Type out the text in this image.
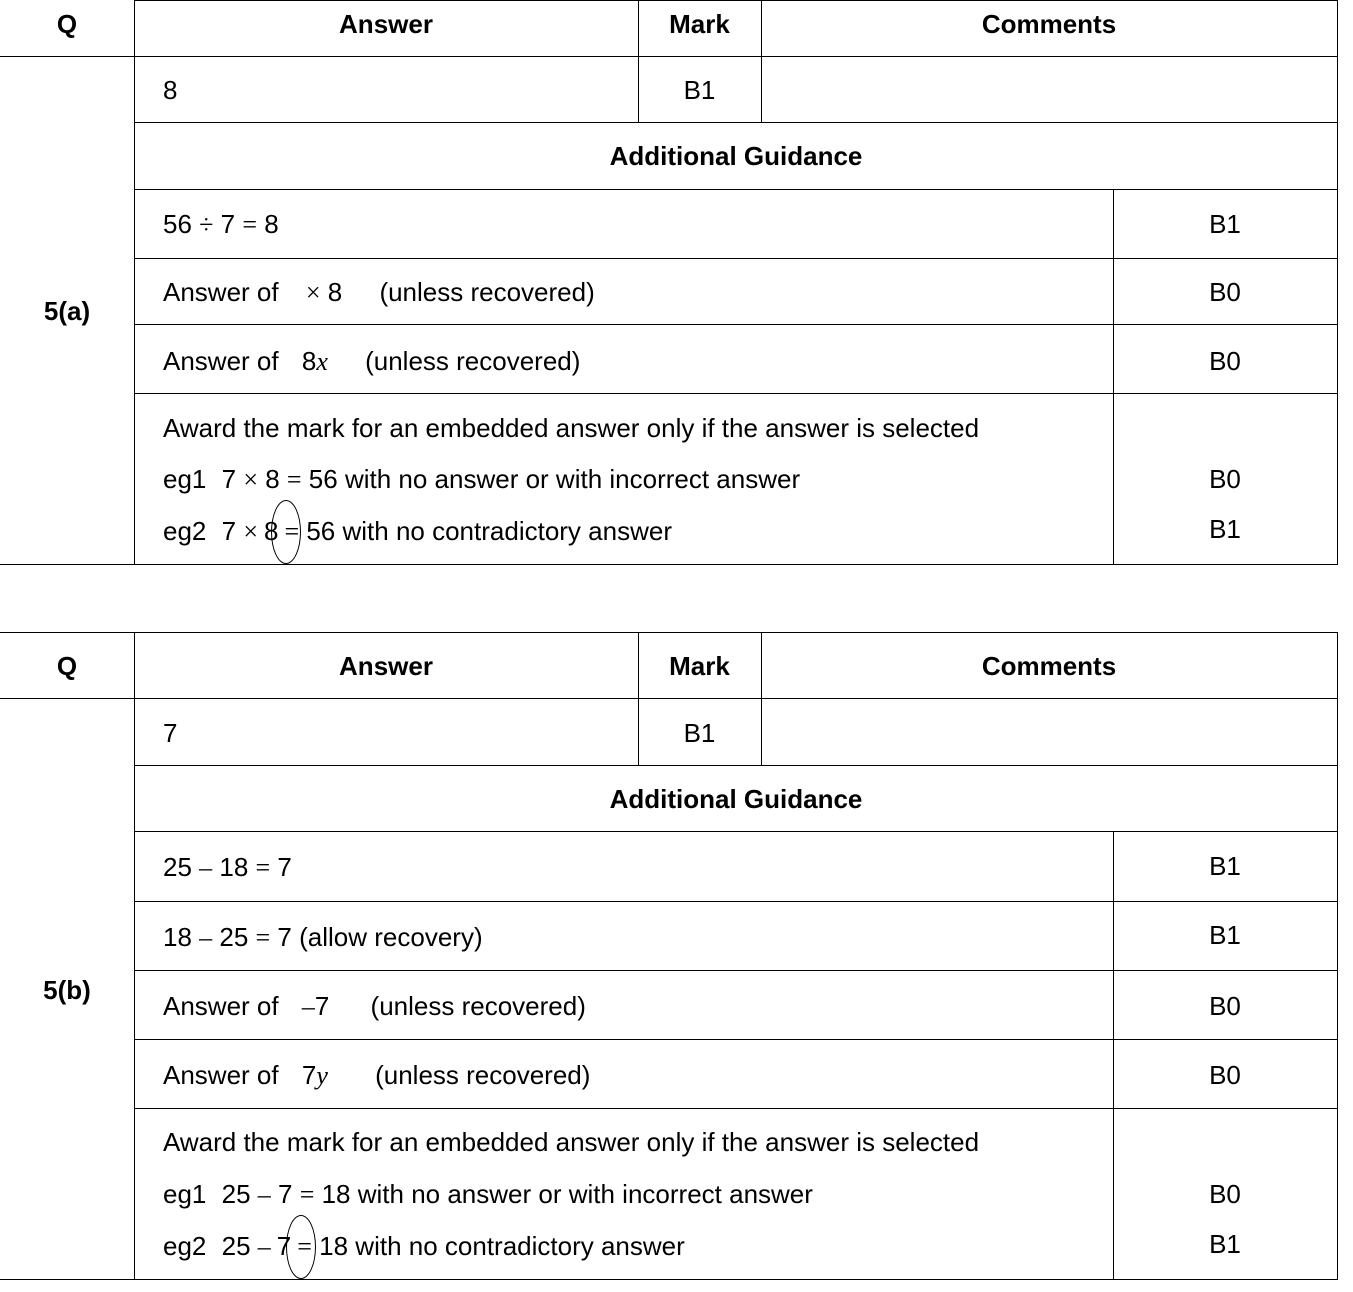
Q	Answer	Mark	Comments
5(a)
8	B1
Additional Guidance
56 ÷ 7 = 8	B1
Answer of × 8 (unless recovered)	B0
Answer of 8x (unless recovered)	B0
Award the mark for an embedded answer only if the answer is selected
eg1 7 × 8 = 56 with no answer or with incorrect answer	B0
eg2 7 × 8 = 56 with no contradictory answer	B1
Q	Answer	Mark	Comments
5(b)
7	B1
Additional Guidance
25 – 18 = 7	B1
18 – 25 = 7 (allow recovery)	B1
Answer of –7 (unless recovered)	B0
Answer of 7y (unless recovered)	B0
Award the mark for an embedded answer only if the answer is selected
eg1 25 – 7 = 18 with no answer or with incorrect answer	B0
eg2 25 – 7 = 18 with no contradictory answer	B1
